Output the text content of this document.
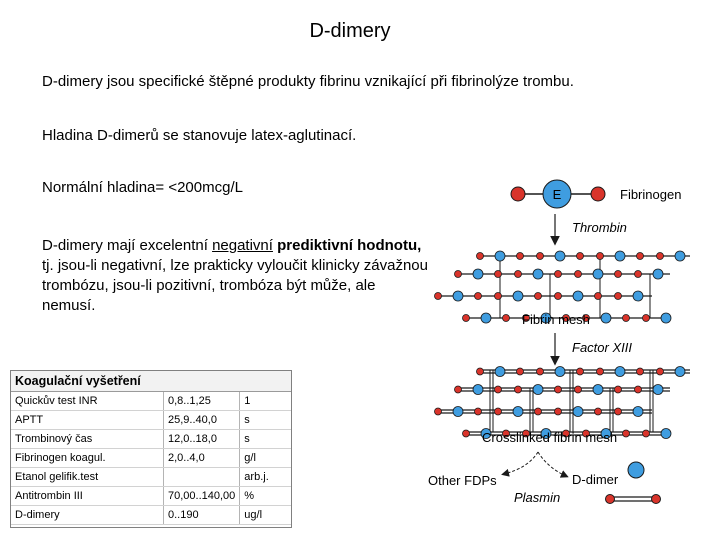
D-dimery
D-dimery jsou specifické štěpné produkty fibrinu vznikající při fibrinolýze trombu.
Hladina D-dimerů se stanovuje latex-aglutinací.
Normální hladina= <200mcg/L
D-dimery mají excelentní negativní prediktivní hodnotu, tj. jsou-li negativní, lze prakticky vyloučit klinicky závažnou trombózu, jsou-li pozitivní, trombóza být může, ale nemusí.
Koagulační vyšetření
Quickův test INR	0,8..1,25	1
APTT	25,9..40,0	s
Trombinový čas	12,0..18,0	s
Fibrinogen koagul.	2,0..4,0	g/l
Etanol gelifik.test		arb.j.
Antitrombin III	70,00..140,00	%
D-dimery	0..190	ug/l
E	Fibrinogen
Thrombin
Fibrin mesh
Factor XIII
Crosslinked fibrin mesh
Other FDPs	D-dimer
Plasmin
